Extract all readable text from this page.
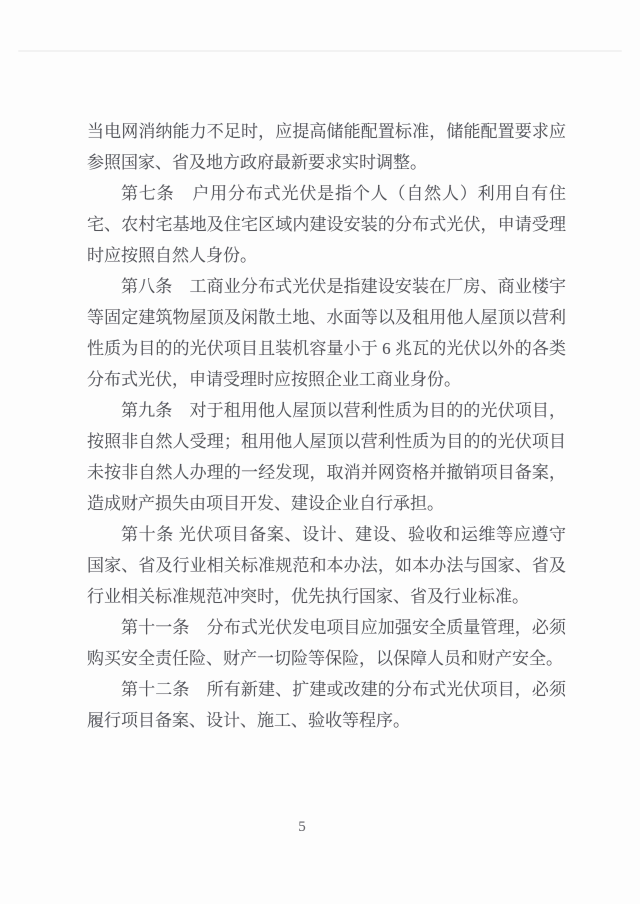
当电网消纳能力不足时，应提高储能配置标准，储能配置要求应参照国家、省及地方政府最新要求实时调整。

第七条　户用分布式光伏是指个人（自然人）利用自有住宅、农村宅基地及住宅区域内建设安装的分布式光伏，申请受理时应按照自然人身份。

第八条　工商业分布式光伏是指建设安装在厂房、商业楼宇等固定建筑物屋顶及闲散土地、水面等以及租用他人屋顶以营利性质为目的的光伏项目且装机容量小于 6 兆瓦的光伏以外的各类分布式光伏，申请受理时应按照企业工商业身份。

第九条　对于租用他人屋顶以营利性质为目的的光伏项目，按照非自然人受理；租用他人屋顶以营利性质为目的的光伏项目未按非自然人办理的一经发现，取消并网资格并撤销项目备案，造成财产损失由项目开发、建设企业自行承担。

第十条 光伏项目备案、设计、建设、验收和运维等应遵守国家、省及行业相关标准规范和本办法，如本办法与国家、省及行业相关标准规范冲突时，优先执行国家、省及行业标准。

第十一条　分布式光伏发电项目应加强安全质量管理，必须购买安全责任险、财产一切险等保险，以保障人员和财产安全。

第十二条　所有新建、扩建或改建的分布式光伏项目，必须履行项目备案、设计、施工、验收等程序。

5
